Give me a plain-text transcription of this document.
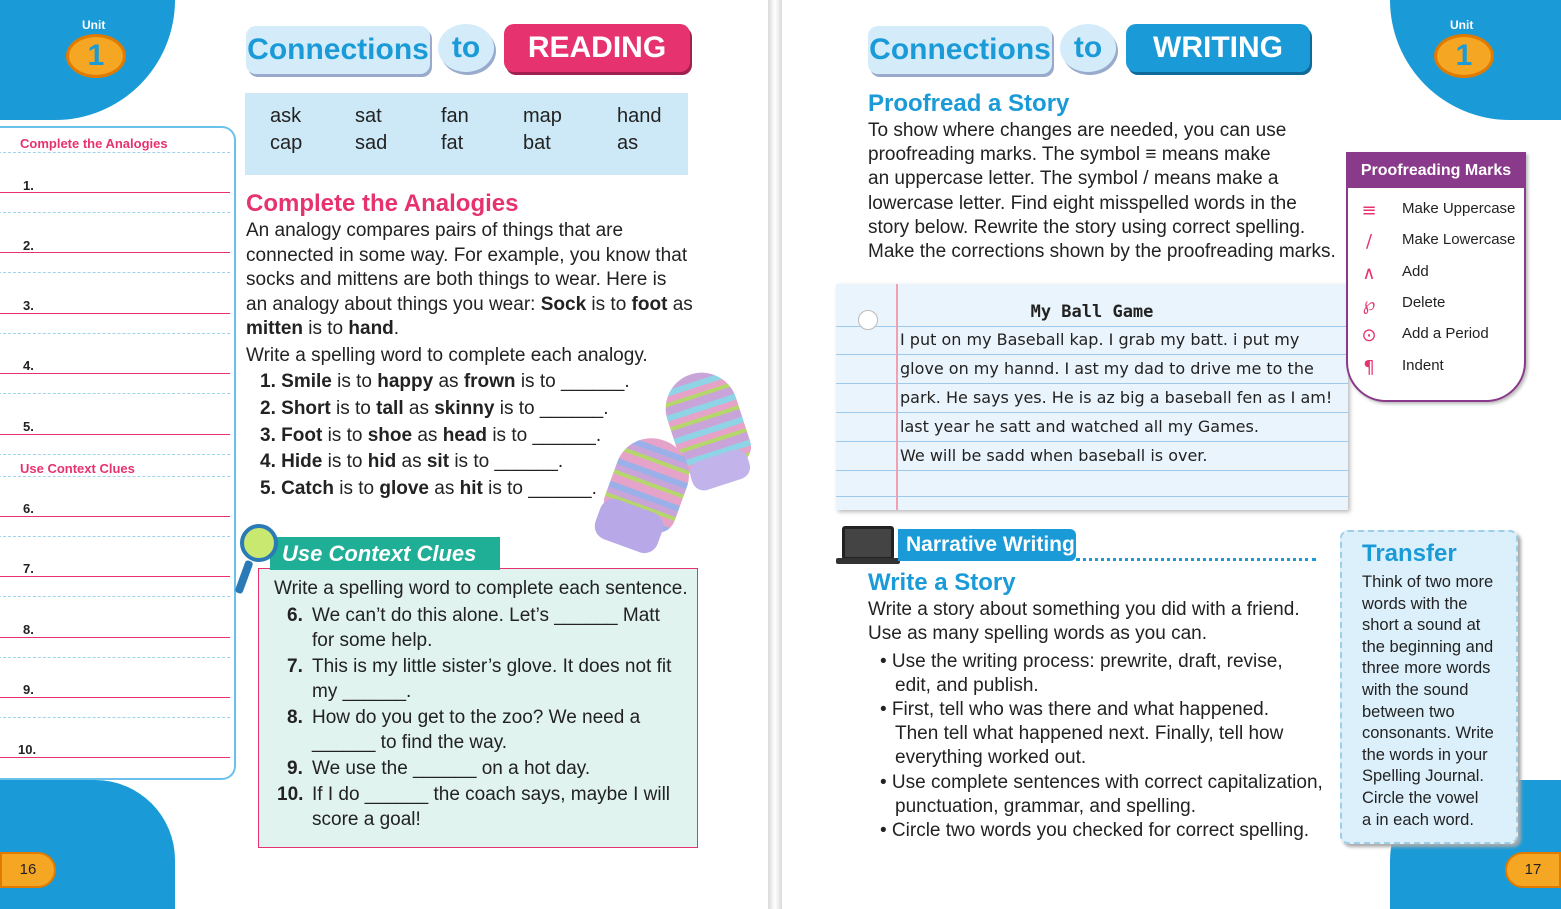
Unit
1
Unit
1
16	17
Connections to	READING
ask	sat	fan	map	hand
cap	sad	fat	bat	as
Complete the Analogies
1.
2.
3.
4.
5.
Use Context Clues
6.
7.
8.
9.
10.
Complete the Analogies
An analogy compares pairs of things that are
connected in some way. For example, you know that
socks and mittens are both things to wear. Here is
an analogy about things you wear: Sock is to foot as
mitten is to hand.
Write a spelling word to complete each analogy.
1. Smile is to happy as frown is to ______.
2. Short is to tall as skinny is to ______.
3. Foot is to shoe as head is to ______.
4. Hide is to hid as sit is to ______.
5. Catch is to glove as hit is to ______.
Use Context Clues
Write a spelling word to complete each sentence.
6. We can’t do this alone. Let’s ______ Matt
for some help.
7. This is my little sister’s glove. It does not fit
my ______.
8. How do you get to the zoo? We need a
______ to find the way.
9. We use the ______ on a hot day.
10. If I do ______ the coach says, maybe I will
score a goal!
Connections to	WRITING
Proofread a Story
To show where changes are needed, you can use
proofreading marks. The symbol ≡ means make
an uppercase letter. The symbol / means make a
lowercase letter. Find eight misspelled words in the
story below. Rewrite the story using correct spelling.
Make the corrections shown by the proofreading marks.
My Ball Game
I put on my Baseball kap. I grab my batt. i put my
glove on my hannd. I ast my dad to drive me to the
park. He says yes. He is az big a baseball fen as I am!
last year he satt and watched all my Games.
We will be sadd when baseball is over.
Proofreading Marks
≡	Make Uppercase
/	Make Lowercase
∧	Add
℘	Delete
⊙	Add a Period
¶	Indent
Narrative Writing
Write a Story
Write a story about something you did with a friend.
Use as many spelling words as you can.
• Use the writing process: prewrite, draft, revise,
edit, and publish.
• First, tell who was there and what happened.
Then tell what happened next. Finally, tell how
everything worked out.
• Use complete sentences with correct capitalization,
punctuation, grammar, and spelling.
• Circle two words you checked for correct spelling.
Transfer
Think of two more
words with the
short a sound at
the beginning and
three more words
with the sound
between two
consonants. Write
the words in your
Spelling Journal.
Circle the vowel
a in each word.
